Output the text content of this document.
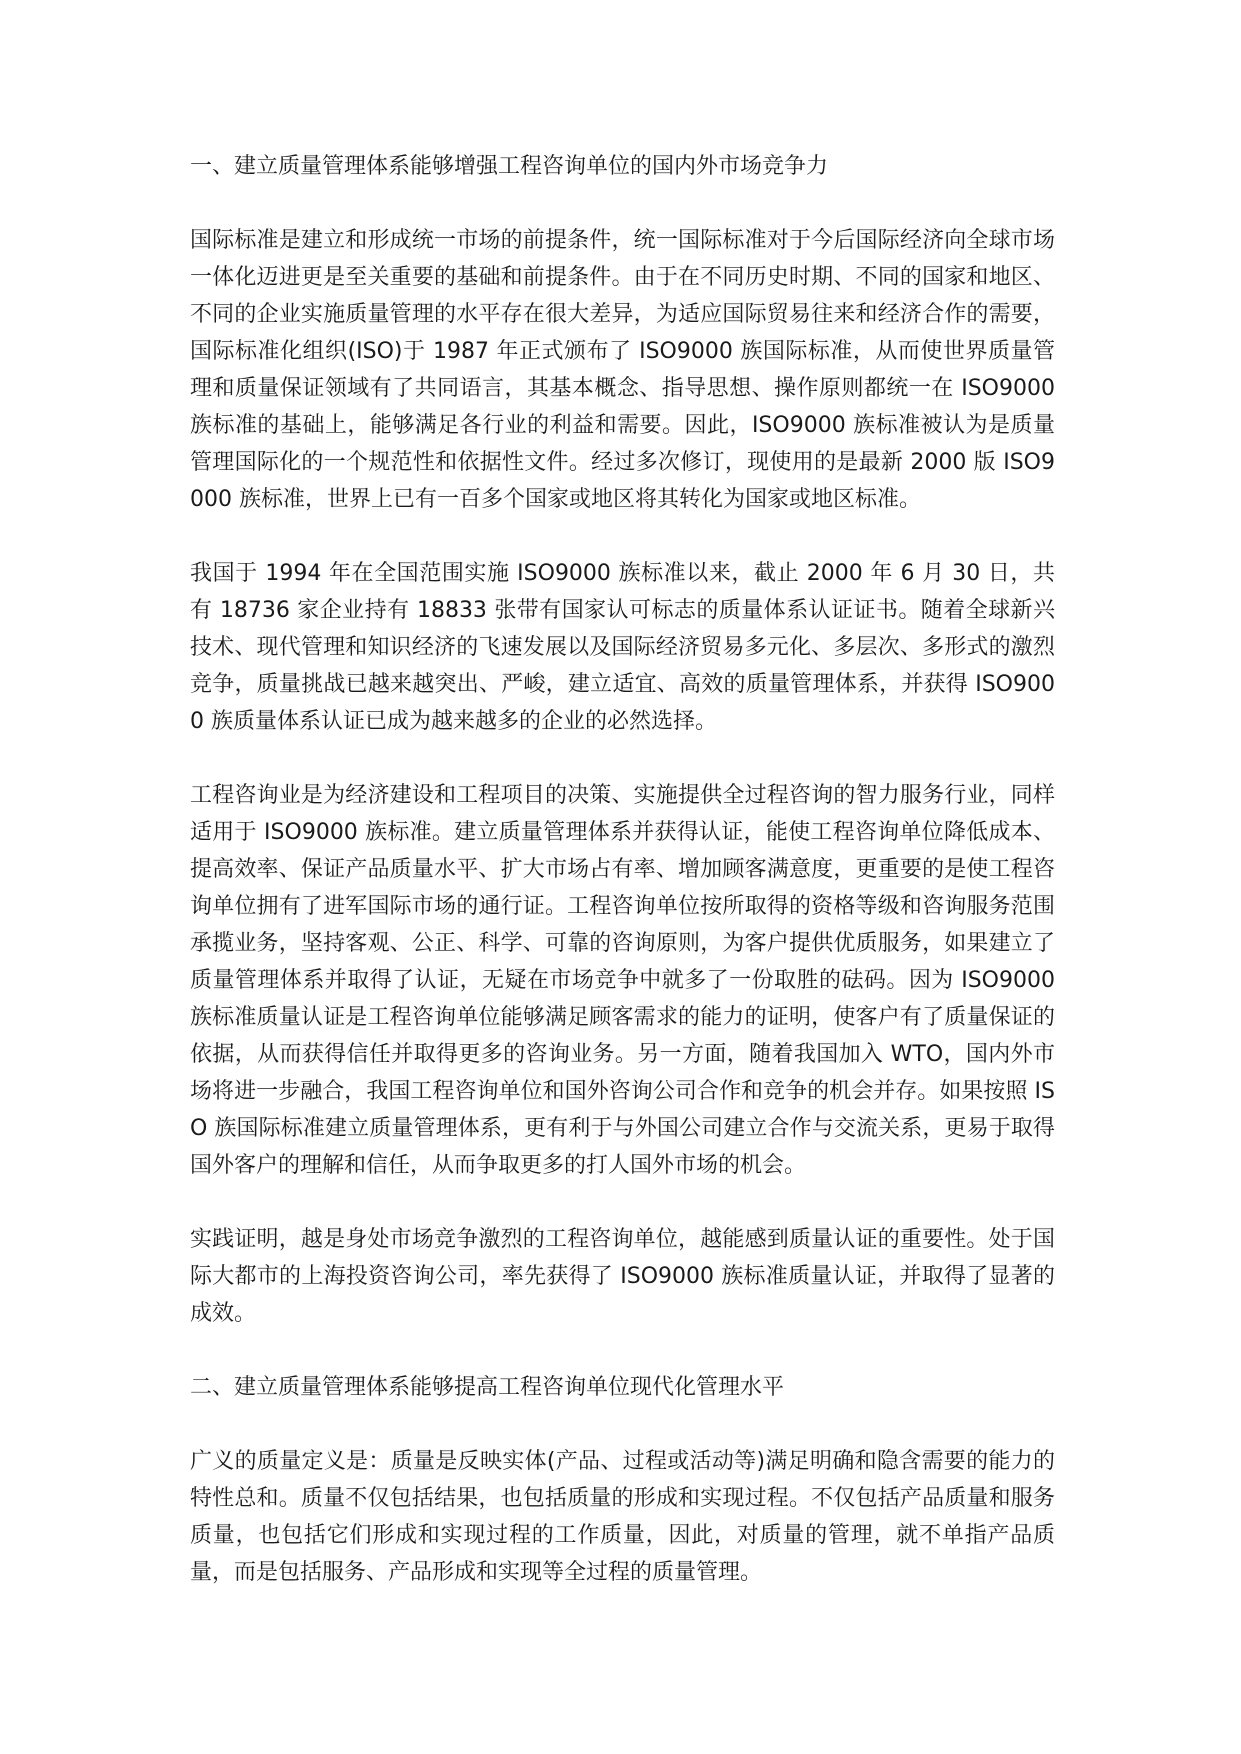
一、建立质量管理体系能够增强工程咨询单位的国内外市场竞争力

国际标准是建立和形成统一市场的前提条件，统一国际标准对于今后国际经济向全球市场一体化迈进更是至关重要的基础和前提条件。由于在不同历史时期、不同的国家和地区、不同的企业实施质量管理的水平存在很大差异，为适应国际贸易往来和经济合作的需要，国际标准化组织(ISO)于 1987 年正式颁布了 ISO9000 族国际标准，从而使世界质量管理和质量保证领域有了共同语言，其基本概念、指导思想、操作原则都统一在 ISO9000 族标准的基础上，能够满足各行业的利益和需要。因此，ISO9000 族标准被认为是质量管理国际化的一个规范性和依据性文件。经过多次修订，现使用的是最新 2000 版 ISO9000 族标准，世界上已有一百多个国家或地区将其转化为国家或地区标准。

我国于 1994 年在全国范围实施 ISO9000 族标准以来，截止 2000 年 6 月 30 日，共有 18736 家企业持有 18833 张带有国家认可标志的质量体系认证证书。随着全球新兴技术、现代管理和知识经济的飞速发展以及国际经济贸易多元化、多层次、多形式的激烈竞争，质量挑战已越来越突出、严峻，建立适宜、高效的质量管理体系，并获得 ISO9000 族质量体系认证已成为越来越多的企业的必然选择。

工程咨询业是为经济建设和工程项目的决策、实施提供全过程咨询的智力服务行业，同样适用于 ISO9000 族标准。建立质量管理体系并获得认证，能使工程咨询单位降低成本、提高效率、保证产品质量水平、扩大市场占有率、增加顾客满意度，更重要的是使工程咨询单位拥有了进军国际市场的通行证。工程咨询单位按所取得的资格等级和咨询服务范围承揽业务，坚持客观、公正、科学、可靠的咨询原则，为客户提供优质服务，如果建立了质量管理体系并取得了认证，无疑在市场竞争中就多了一份取胜的砝码。因为 ISO9000 族标准质量认证是工程咨询单位能够满足顾客需求的能力的证明，使客户有了质量保证的依据，从而获得信任并取得更多的咨询业务。另一方面，随着我国加入 WTO，国内外市场将进一步融合，我国工程咨询单位和国外咨询公司合作和竞争的机会并存。如果按照 ISO 族国际标准建立质量管理体系，更有利于与外国公司建立合作与交流关系，更易于取得国外客户的理解和信任，从而争取更多的打人国外市场的机会。

实践证明，越是身处市场竞争激烈的工程咨询单位，越能感到质量认证的重要性。处于国际大都市的上海投资咨询公司，率先获得了 ISO9000 族标准质量认证，并取得了显著的成效。

二、建立质量管理体系能够提高工程咨询单位现代化管理水平

广义的质量定义是：质量是反映实体(产品、过程或活动等)满足明确和隐含需要的能力的特性总和。质量不仅包括结果，也包括质量的形成和实现过程。不仅包括产品质量和服务质量，也包括它们形成和实现过程的工作质量，因此，对质量的管理，就不单指产品质量，而是包括服务、产品形成和实现等全过程的质量管理。
